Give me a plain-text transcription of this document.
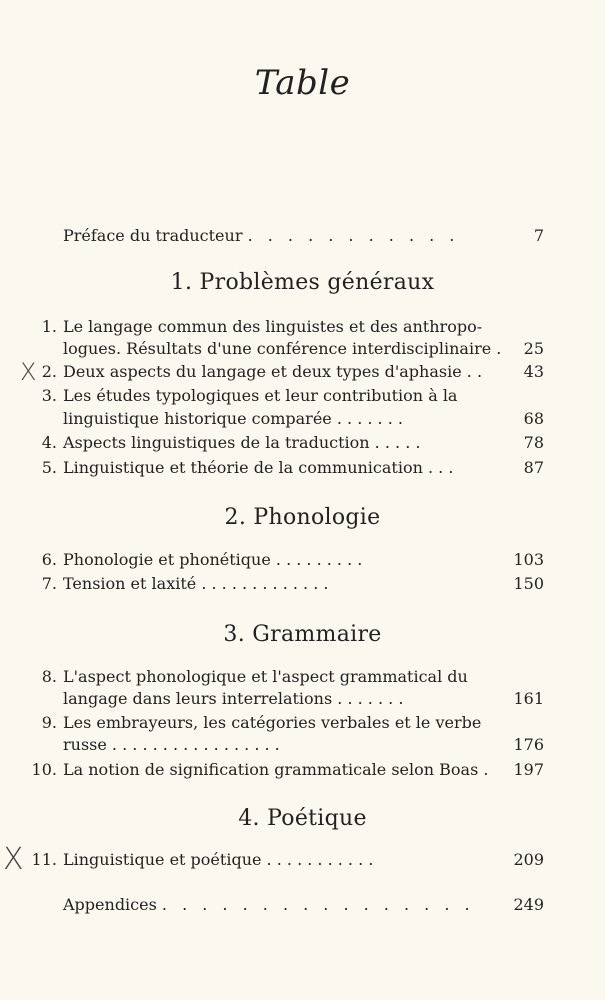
Table
Préface du traducteur . . . . . . . . . . .	7
1. Problèmes généraux
1. Le langage commun des linguistes et des anthropo-
logues. Résultats d'une conférence interdisciplinaire . 25
2. Deux aspects du langage et deux types d'aphasie . .	43
3. Les études typologiques et leur contribution à la
linguistique historique comparée . . . . . . .	68
4. Aspects linguistiques de la traduction . . . . .	78
5. Linguistique et théorie de la communication . . .	87
2. Phonologie
6. Phonologie et phonétique . . . . . . . . .	103
7. Tension et laxité . . . . . . . . . . . . .	150
3. Grammaire
8. L'aspect phonologique et l'aspect grammatical du
langage dans leurs interrelations . . . . . . .	161
9. Les embrayeurs, les catégories verbales et le verbe
russe . . . . . . . . . . . . . . . . .	176
10. La notion de signification grammaticale selon Boas .	197
4. Poétique
11. Linguistique et poétique . . . . . . . . . . .	209
Appendices . . . . . . . . . . . . . . . .	249
X
X
